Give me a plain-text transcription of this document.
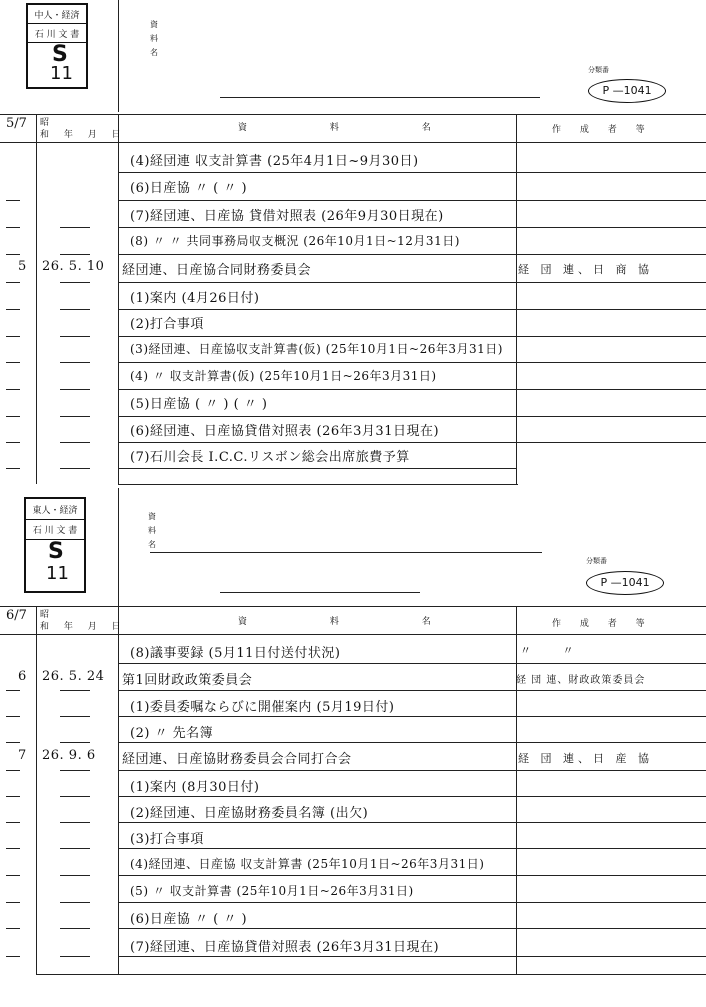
中人・経済
石 川 文 書
S
11
資
料
名
分類番
P —1041
5/7 昭
和 年 月 日
資 料 名	作 成 者 等
(4)経団連 収支計算書 (25年4月1日~9月30日)
(6)日産協 〃 ( 〃 )
(7)経団連、日産協 貸借対照表 (26年9月30日現在)
(8) 〃 〃 共同事務局収支概況 (26年10月1日~12月31日)
5 26. 5. 10 経団連、日産協合同財務委員会	経 団 連、日 商 協
(1)案内 (4月26日付)
(2)打合事項
(3)経団連、日産協収支計算書(仮) (25年10月1日~26年3月31日)
(4) 〃 収支計算書(仮) (25年10月1日~26年3月31日)
(5)日産協 ( 〃 ) ( 〃 )
(6)経団連、日産協貸借対照表 (26年3月31日現在)
(7)石川会長 I.C.C.リスボン総会出席旅費予算
東人・経済
石 川 文 書
S
11
資
料
名
分類番
P —1041
6/7 昭
和 年 月 日	資 料 名	作 成 者 等
(8)議事要録 (5月11日付送付状況)	〃 〃
6 26. 5. 24 第1回財政政策委員会	経 団 連、財政政策委員会
(1)委員委嘱ならびに開催案内 (5月19日付)
(2) 〃 先名簿
7 26. 9. 6 経団連、日産協財務委員会合同打合会	経 団 連、日 産 協
(1)案内 (8月30日付)
(2)経団連、日産協財務委員名簿 (出欠)
(3)打合事項
(4)経団連、日産協 収支計算書 (25年10月1日~26年3月31日)
(5) 〃 収支計算書 (25年10月1日~26年3月31日)
(6)日産協 〃 ( 〃 )
(7)経団連、日産協貸借対照表 (26年3月31日現在)
